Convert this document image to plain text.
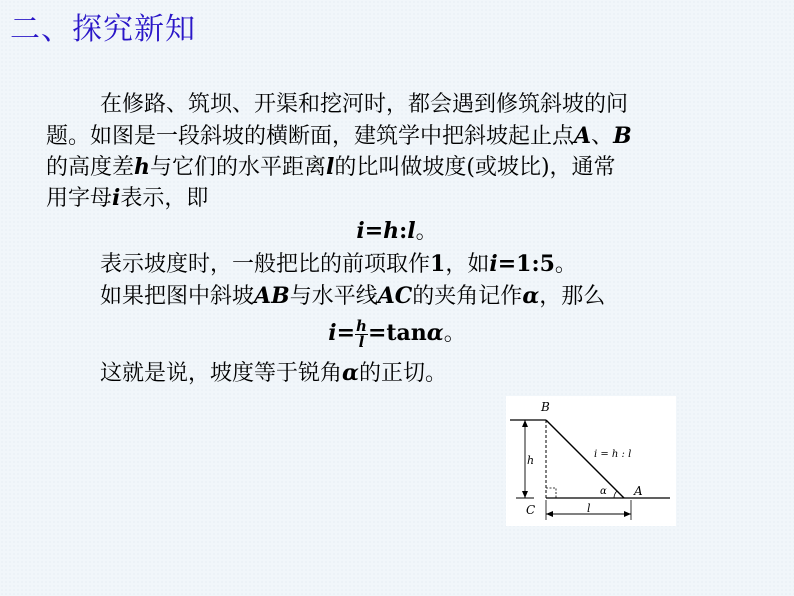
二、探究新知
在修路、筑坝、开渠和挖河时，都会遇到修筑斜坡的问
题。如图是一段斜坡的横断面，建筑学中把斜坡起止点A、B
的高度差h与它们的水平距离l的比叫做坡度(或坡比)，通常
用字母i表示，即
i=h:l。
表示坡度时，一般把比的前项取作1，如i=1:5。
如果把图中斜坡AB与水平线AC的夹角记作α，那么
$i= \frac{h}{l} =\tan\alpha$。
这就是说，坡度等于锐角α的正切。
B
C
A
h
l
α
i = h : l
